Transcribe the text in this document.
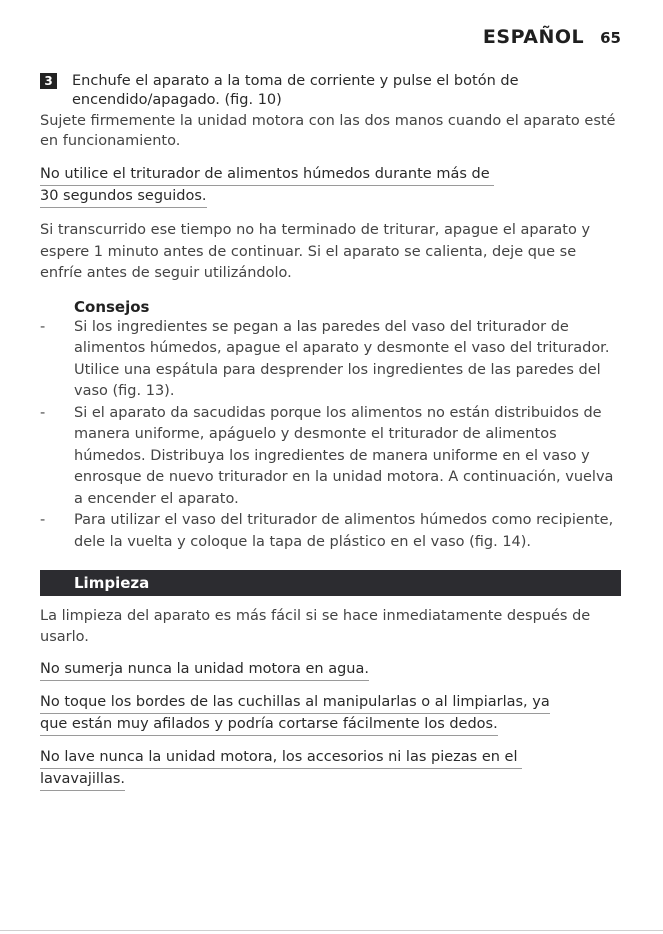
ESPAÑOL 65
3 Enchufe el aparato a la toma de corriente y pulse el botón de encendido/apagado. (fig. 10)

Sujete firmemente la unidad motora con las dos manos cuando el aparato esté en funcionamiento.

No utilice el triturador de alimentos húmedos durante más de
30 segundos seguidos.

Si transcurrido ese tiempo no ha terminado de triturar, apague el aparato y espere 1 minuto antes de continuar. Si el aparato se calienta, deje que se enfríe antes de seguir utilizándolo.

Consejos
- Si los ingredientes se pegan a las paredes del vaso del triturador de alimentos húmedos, apague el aparato y desmonte el vaso del triturador. Utilice una espátula para desprender los ingredientes de las paredes del vaso (fig. 13).
- Si el aparato da sacudidas porque los alimentos no están distribuidos de manera uniforme, apáguelo y desmonte el triturador de alimentos húmedos. Distribuya los ingredientes de manera uniforme en el vaso y enrosque de nuevo triturador en la unidad motora. A continuación, vuelva a encender el aparato.
- Para utilizar el vaso del triturador de alimentos húmedos como recipiente, dele la vuelta y coloque la tapa de plástico en el vaso (fig. 14).
Limpieza

La limpieza del aparato es más fácil si se hace inmediatamente después de usarlo.

No sumerja nunca la unidad motora en agua.
No toque los bordes de las cuchillas al manipularlas o al limpiarlas, ya
que están muy afilados y podría cortarse fácilmente los dedos.
No lave nunca la unidad motora, los accesorios ni las piezas en el
lavavajillas.
